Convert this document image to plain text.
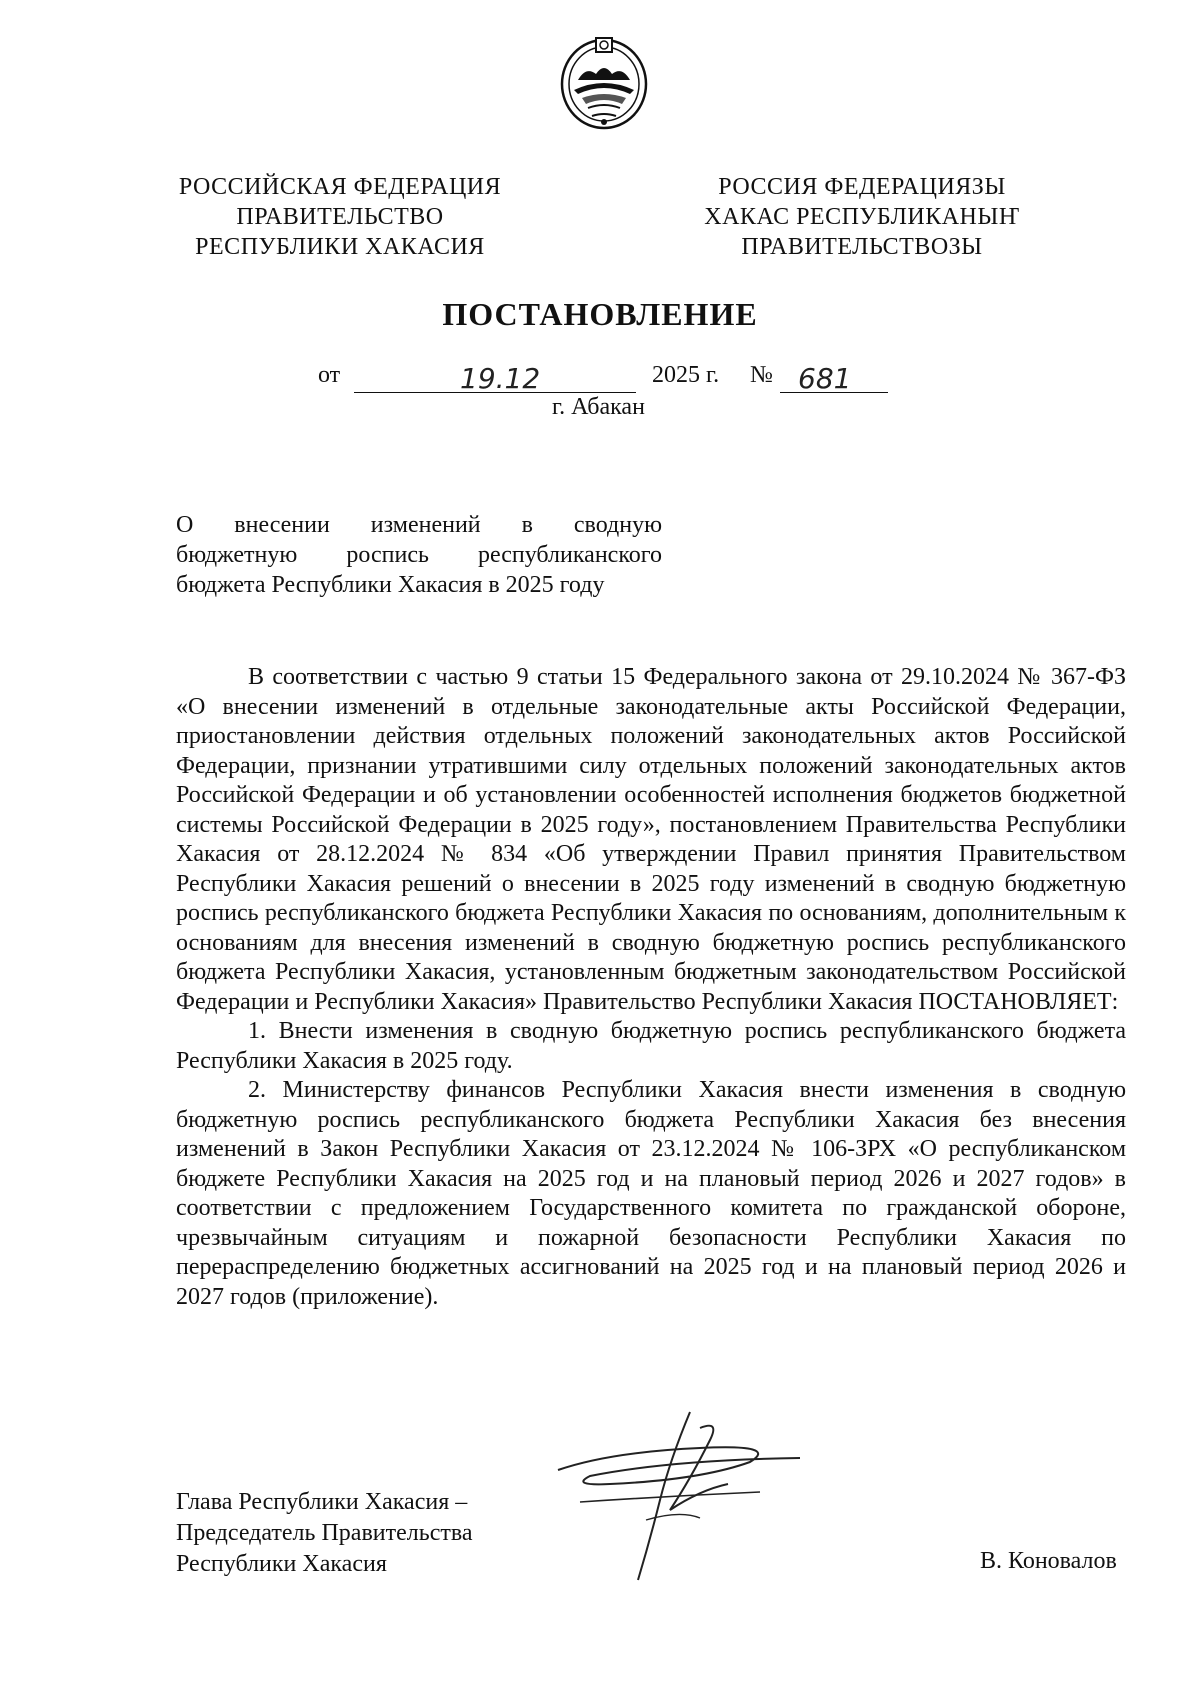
РОССИЙСКАЯ ФЕДЕРАЦИЯ
ПРАВИТЕЛЬСТВО
РЕСПУБЛИКИ ХАКАСИЯ
РОССИЯ ФЕДЕРАЦИЯЗЫ
ХАКАС РЕСПУБЛИКАНЫҤ
ПРАВИТЕЛЬСТВОЗЫ
ПОСТАНОВЛЕНИЕ
от	19.12	2025 г. № 681
г. Абакан
О внесении изменений в сводную
бюджетную роспись республиканского
бюджета Республики Хакасия в 2025 году

В соответствии с частью 9 статьи 15 Федерального закона от 29.10.2024 № 367-ФЗ «О внесении изменений в отдельные законодательные акты Российской Федерации, приостановлении действия отдельных положений законодательных актов Российской Федерации, признании утратившими силу отдельных положений законодательных актов Российской Федерации и об установлении особенностей исполнения бюджетов бюджетной системы Российской Федерации в 2025 году», постановлением Правительства Республики Хакасия от 28.12.2024 № 834 «Об утверждении Правил принятия Правительством Республики Хакасия решений о внесении в 2025 году изменений в сводную бюджетную роспись республиканского бюджета Республики Хакасия по основаниям, дополнительным к основаниям для внесения изменений в сводную бюджетную роспись республиканского бюджета Республики Хакасия, установленным бюджетным законодательством Российской Федерации и Республики Хакасия» Правительство Республики Хакасия ПОСТАНОВЛЯЕТ:

1. Внести изменения в сводную бюджетную роспись республиканского бюджета Республики Хакасия в 2025 году.

2. Министерству финансов Республики Хакасия внести изменения в сводную бюджетную роспись республиканского бюджета Республики Хакасия без внесения изменений в Закон Республики Хакасия от 23.12.2024 № 106-ЗРХ «О республиканском бюджете Республики Хакасия на 2025 год и на плановый период 2026 и 2027 годов» в соответствии с предложением Государственного комитета по гражданской обороне, чрезвычайным ситуациям и пожарной безопасности Республики Хакасия по перераспределению бюджетных ассигнований на 2025 год и на плановый период 2026 и 2027 годов (приложение).

Глава Республики Хакасия –
Председатель Правительства
Республики Хакасия	В. Коновалов
